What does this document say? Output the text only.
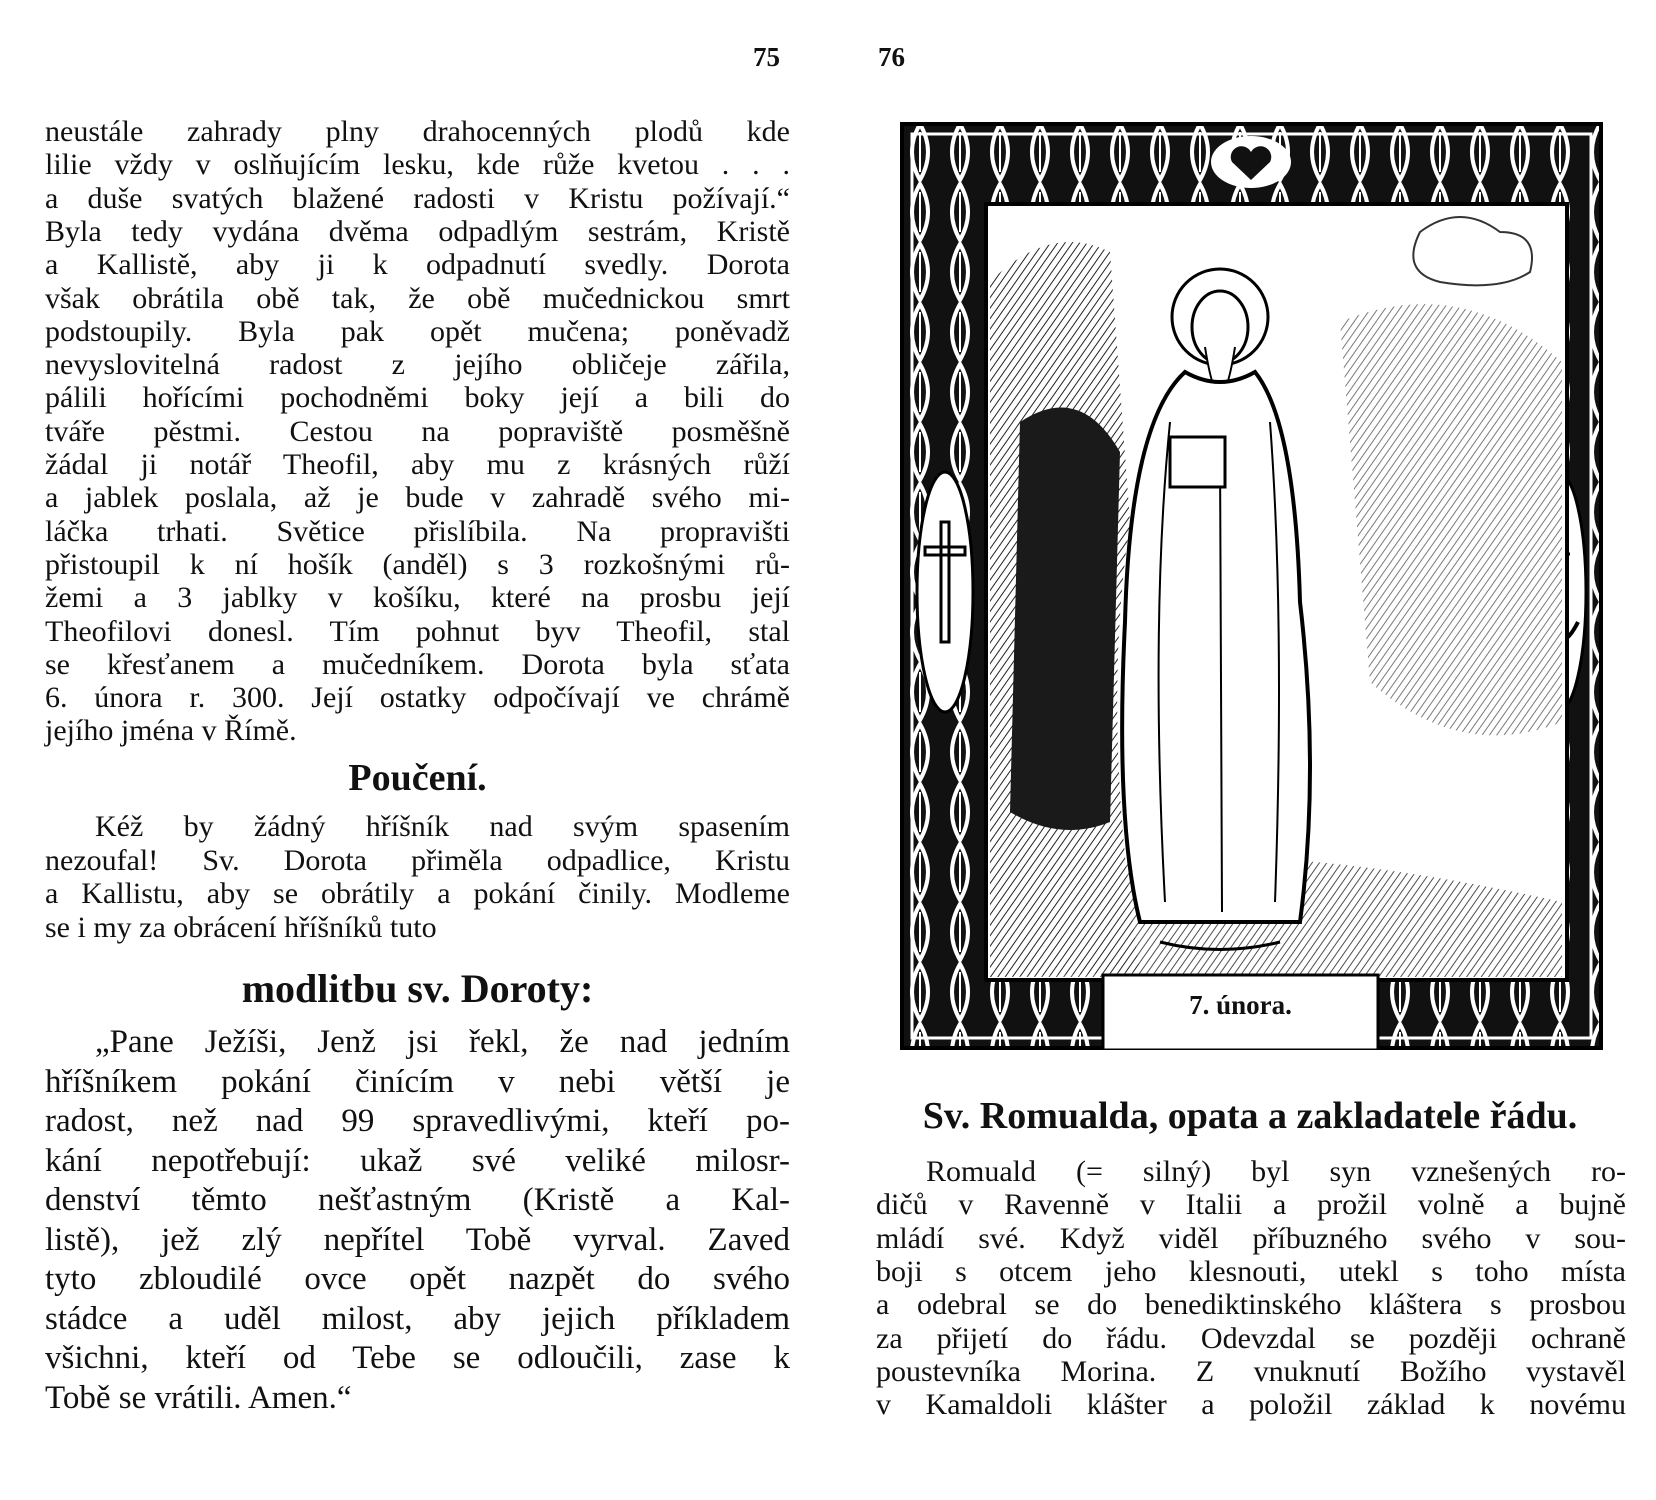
75	76
neustále zahrady plny drahocenných plodů kde
lilie vždy v oslňujícím lesku, kde růže kvetou . . .
a duše svatých blažené radosti v Kristu požívají.“
Byla tedy vydána dvěma odpadlým sestrám, Kristě
a Kallistě, aby ji k odpadnutí svedly. Dorota
však obrátila obě tak, že obě mučednickou smrt
podstoupily. Byla pak opět mučena; poněvadž
nevyslovitelná radost z jejího obličeje zářila,
pálili hořícími pochodněmi boky její a bili do
tváře pěstmi. Cestou na popraviště posměšně
žádal ji notář Theofil, aby mu z krásných růží
a jablek poslala, až je bude v zahradě svého mi-
láčka trhati. Světice přislíbila. Na propravišti
přistoupil k ní hošík (anděl) s 3 rozkošnými rů-
žemi a 3 jablky v košíku, které na prosbu její
Theofilovi donesl. Tím pohnut byv Theofil, stal
se křesťanem a mučedníkem. Dorota byla sťata
6. února r. 300. Její ostatky odpočívají ve chrámě
jejího jména v Římě.
Poučení.
Kéž by žádný hříšník nad svým spasením
nezoufal! Sv. Dorota přiměla odpadlice, Kristu
a Kallistu, aby se obrátily a pokání činily. Modleme
se i my za obrácení hříšníků tuto
modlitbu sv. Doroty:
„Pane Ježíši, Jenž jsi řekl, že nad jedním
hříšníkem pokání činícím v nebi větší je
radost, než nad 99 spravedlivými, kteří po-
kání nepotřebují: ukaž své veliké milosr-
denství těmto nešťastným (Kristě a Kal-
listě), jež zlý nepřítel Tobě vyrval. Zaved
tyto zbloudilé ovce opět nazpět do svého
stádce a uděl milost, aby jejich příkladem
všichni, kteří od Tebe se odloučili, zase k
Tobě se vrátili. Amen.“
7. února.
Sv. Romualda, opata a zakladatele řádu.
Romuald (= silný) byl syn vznešených ro-
dičů v Ravenně v Italii a prožil volně a bujně
mládí své. Když viděl příbuzného svého v sou-
boji s otcem jeho klesnouti, utekl s toho místa
a odebral se do benediktinského kláštera s prosbou
za přijetí do řádu. Odevzdal se později ochraně
poustevníka Morina. Z vnuknutí Božího vystavěl
v Kamaldoli klášter a položil základ k novému
